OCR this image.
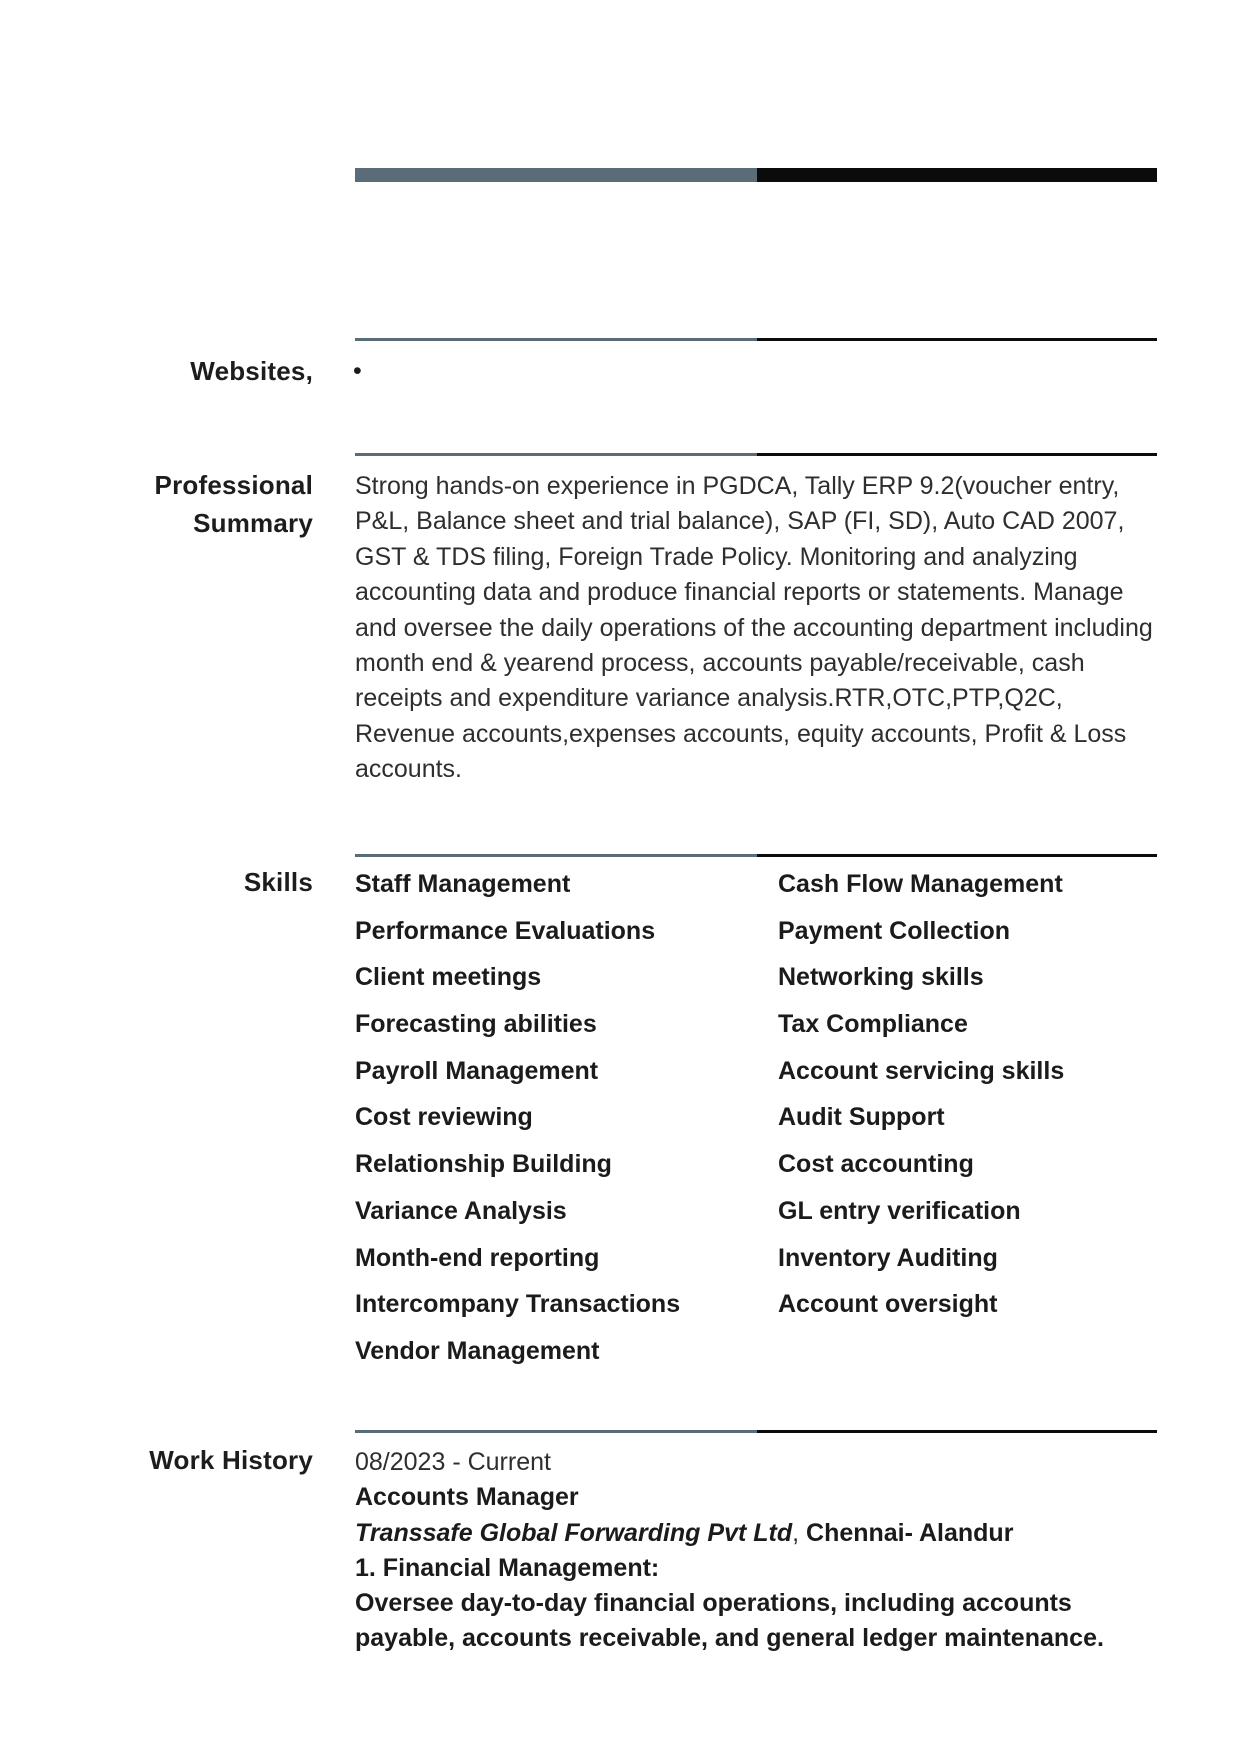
Websites, •
Professional
Summary
Strong hands-on experience in PGDCA, Tally ERP 9.2(voucher entry, P&L, Balance sheet and trial balance), SAP (FI, SD), Auto CAD 2007, GST & TDS filing, Foreign Trade Policy. Monitoring and analyzing accounting data and produce financial reports or statements. Manage and oversee the daily operations of the accounting department including month end & yearend process, accounts payable/receivable, cash receipts and expenditure variance analysis.RTR,OTC,PTP,Q2C, Revenue accounts,expenses accounts, equity accounts, Profit & Loss accounts.
Skills Staff Management
Performance Evaluations
Client meetings
Forecasting abilities
Payroll Management
Cost reviewing
Relationship Building
Variance Analysis
Month-end reporting
Intercompany Transactions
Vendor Management
Cash Flow Management
Payment Collection
Networking skills
Tax Compliance
Account servicing skills
Audit Support
Cost accounting
GL entry verification
Inventory Auditing
Account oversight
Work History 08/2023 - Current
Accounts Manager
Transsafe Global Forwarding Pvt Ltd, Chennai- Alandur
1. Financial Management:
Oversee day-to-day financial operations, including accounts payable, accounts receivable, and general ledger maintenance.
